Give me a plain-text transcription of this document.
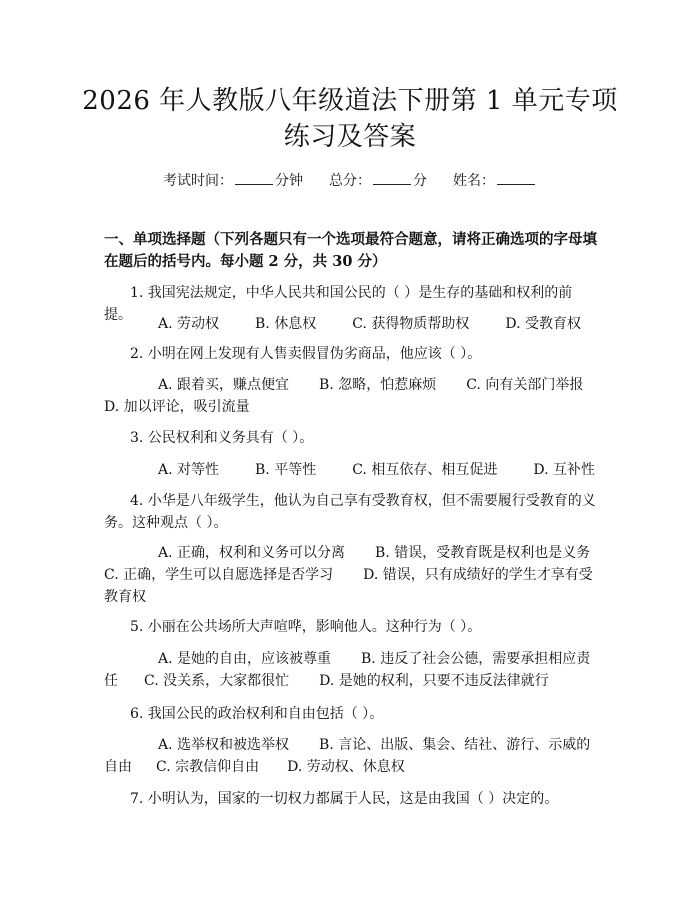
2026 年人教版八年级道法下册第 1 单元专项
练习及答案
考试时间：	分钟 总分：	分 姓名：
一、单项选择题（下列各题只有一个选项最符合题意，请将正确选项的字母填在题后的括号内。每小题 2 分，共 30 分）
1. 我国宪法规定，中华人民共和国公民的（ ）是生存的基础和权利的前提。
A. 劳动权	B. 休息权	C. 获得物质帮助权	D. 受教育权
2. 小明在网上发现有人售卖假冒伪劣商品，他应该（ ）。
A. 跟着买，赚点便宜 B. 忽略，怕惹麻烦 C. 向有关部门举报
D. 加以评论，吸引流量
3. 公民权利和义务具有（ ）。
A. 对等性	B. 平等性	C. 相互依存、相互促进	D. 互补性
4. 小华是八年级学生，他认为自己享有受教育权，但不需要履行受教育的义务。这种观点（ ）。
A. 正确，权利和义务可以分离 B. 错误，受教育既是权利也是义务
C. 正确，学生可以自愿选择是否学习 D. 错误，只有成绩好的学生才享有受教育权
5. 小丽在公共场所大声喧哗，影响他人。这种行为（ ）。
A. 是她的自由，应该被尊重 B. 违反了社会公德，需要承担相应责任 C. 没关系，大家都很忙 D. 是她的权利，只要不违反法律就行
6. 我国公民的政治权利和自由包括（ ）。
A. 选举权和被选举权 B. 言论、出版、集会、结社、游行、示威的自由 C. 宗教信仰自由 D. 劳动权、休息权
7. 小明认为，国家的一切权力都属于人民，这是由我国（ ）决定的。
